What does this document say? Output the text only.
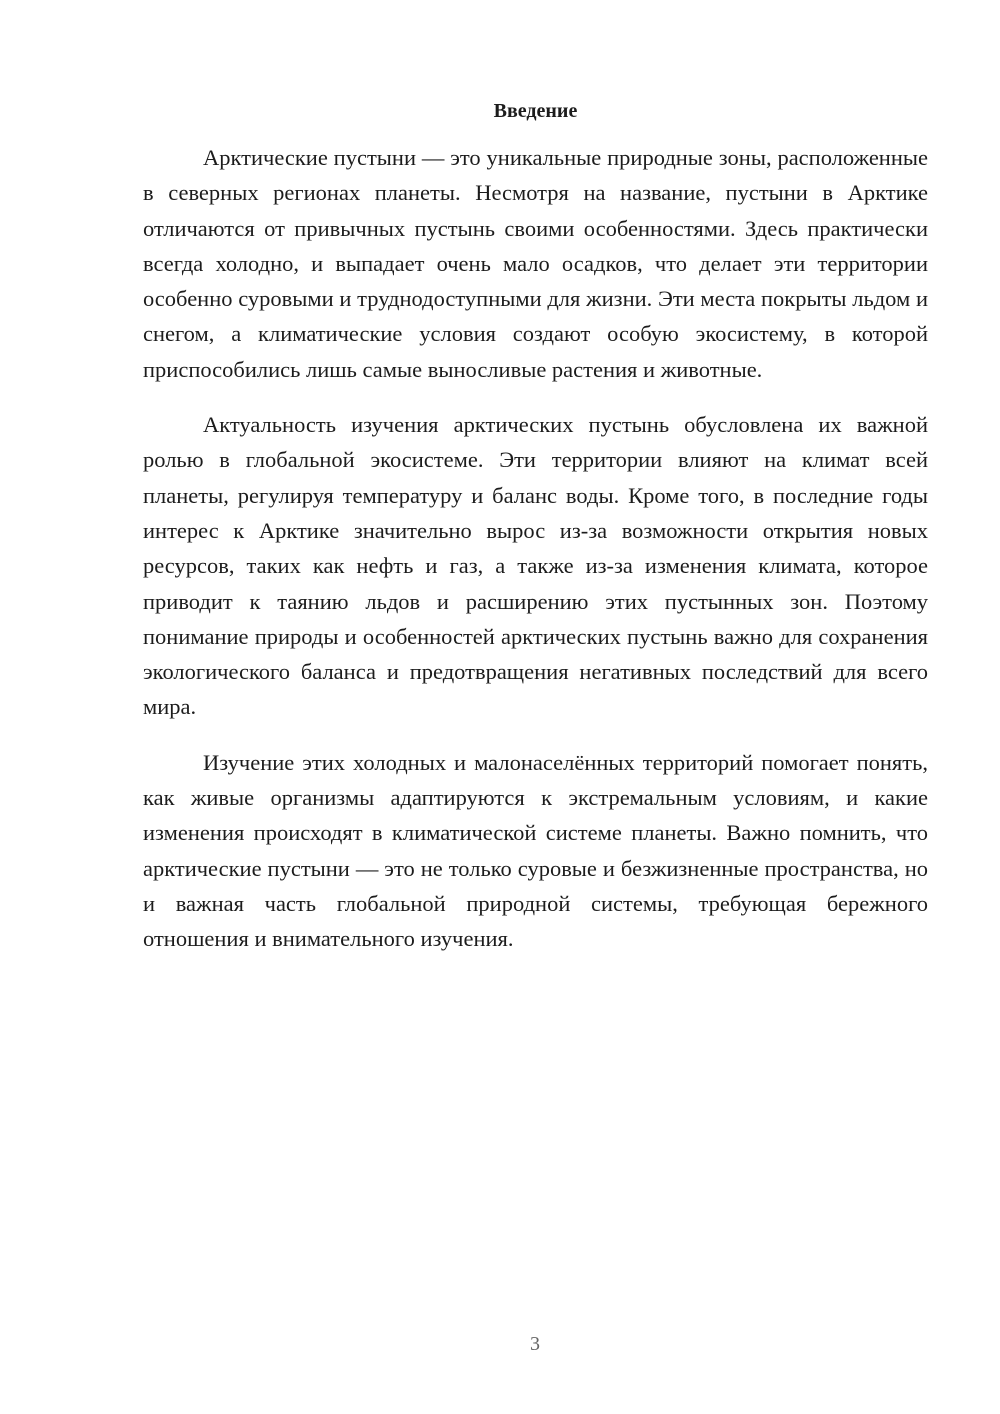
Введение

Арктические пустыни — это уникальные природные зоны, расположенные в северных регионах планеты. Несмотря на название, пустыни в Арктике отличаются от привычных пустынь своими особенностями. Здесь практически всегда холодно, и выпадает очень мало осадков, что делает эти территории особенно суровыми и труднодоступными для жизни. Эти места покрыты льдом и снегом, а климатические условия создают особую экосистему, в которой приспособились лишь самые выносливые растения и животные.

Актуальность изучения арктических пустынь обусловлена их важной ролью в глобальной экосистеме. Эти территории влияют на климат всей планеты, регулируя температуру и баланс воды. Кроме того, в последние годы интерес к Арктике значительно вырос из-за возможности открытия новых ресурсов, таких как нефть и газ, а также из-за изменения климата, которое приводит к таянию льдов и расширению этих пустынных зон. Поэтому понимание природы и особенностей арктических пустынь важно для сохранения экологического баланса и предотвращения негативных последствий для всего мира.

Изучение этих холодных и малонаселённых территорий помогает понять, как живые организмы адаптируются к экстремальным условиям, и какие изменения происходят в климатической системе планеты. Важно помнить, что арктические пустыни — это не только суровые и безжизненные пространства, но и важная часть глобальной природной системы, требующая бережного отношения и внимательного изучения.

3
